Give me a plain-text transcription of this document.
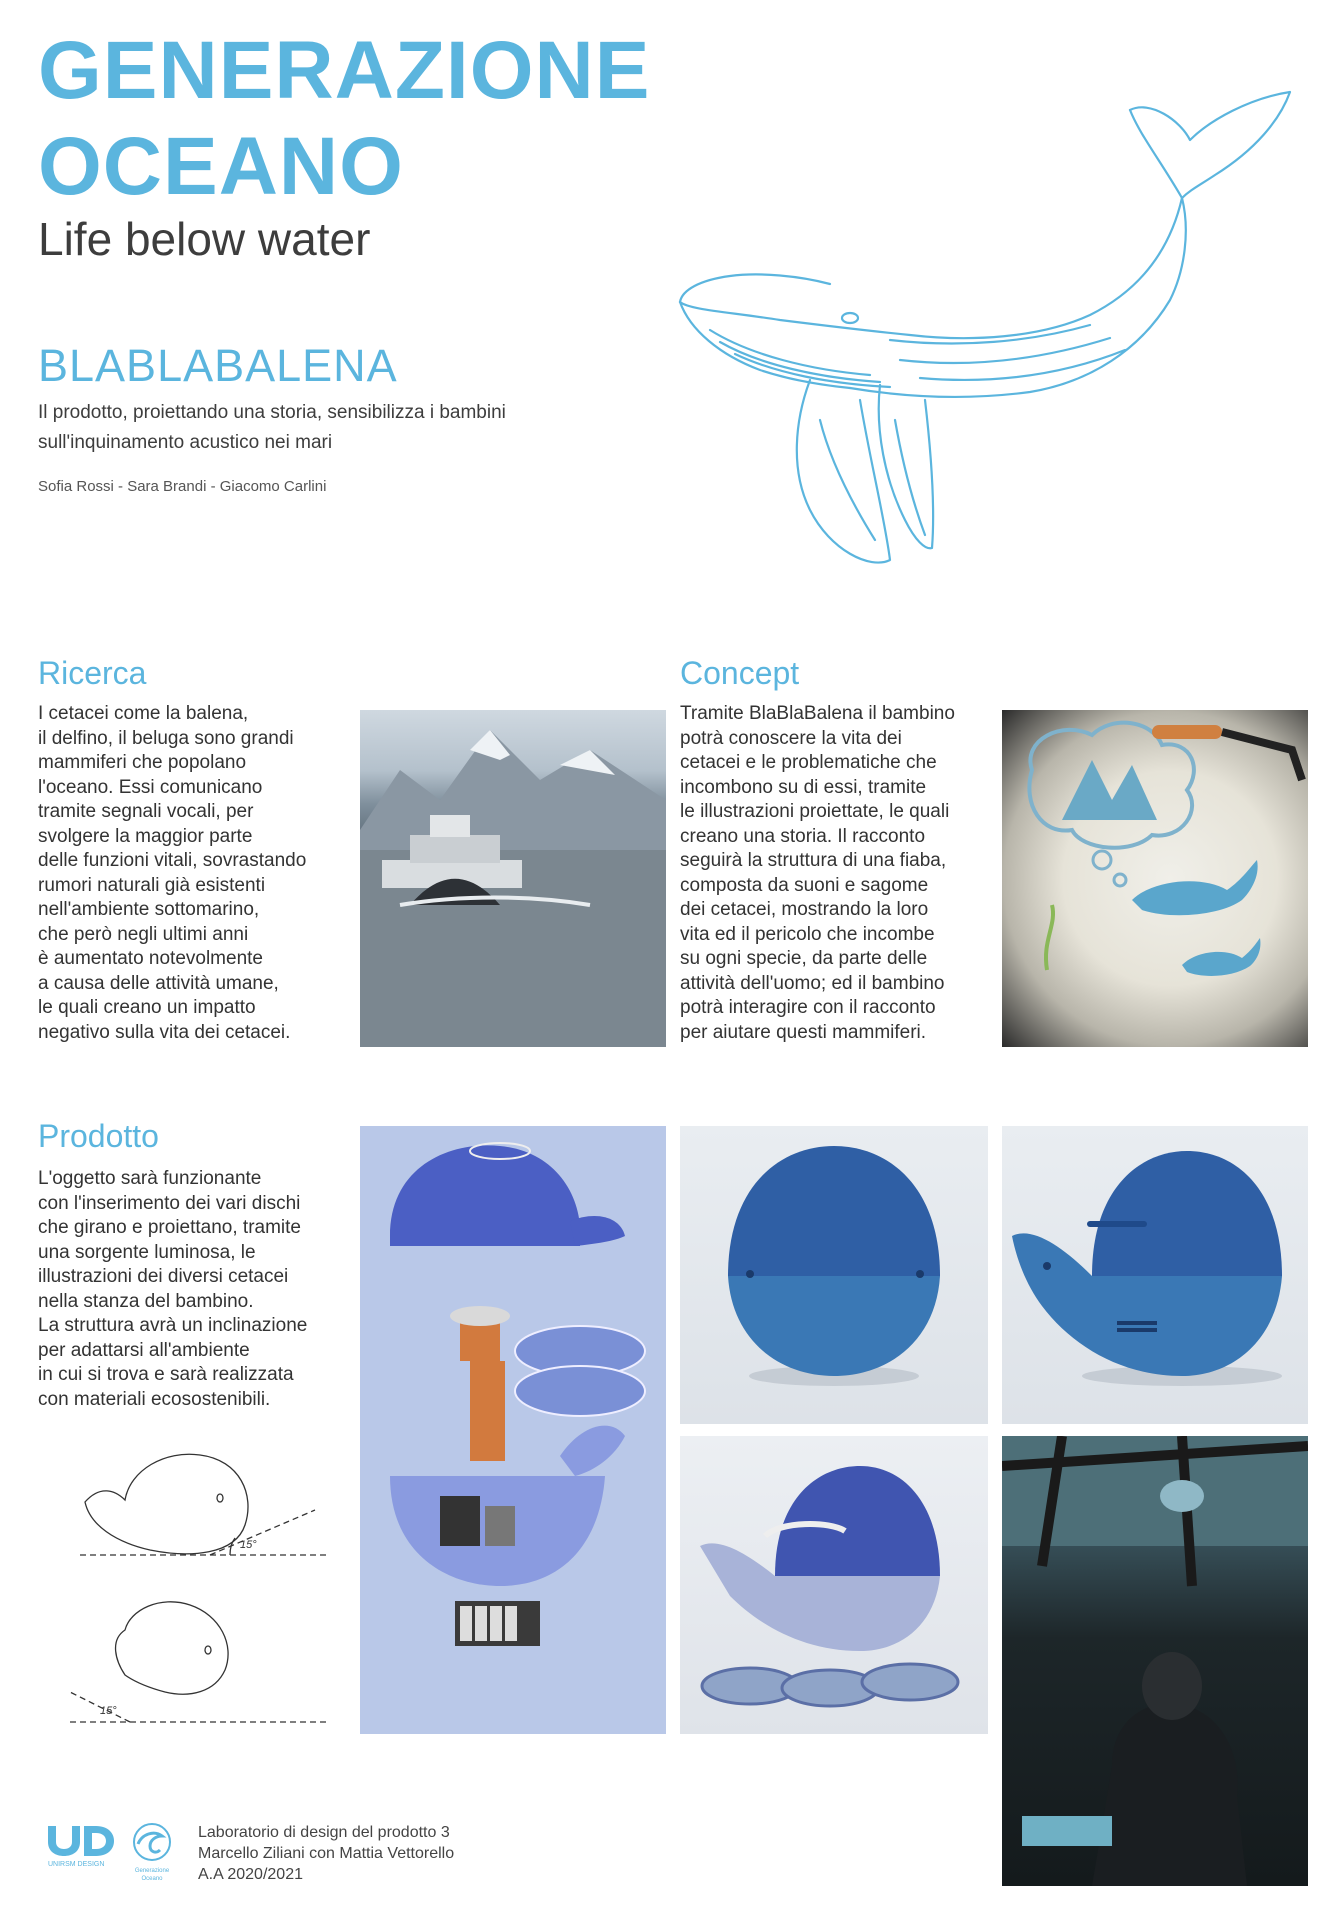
GENERAZIONE
OCEANO
Life below water
BLABLABALENA
Il prodotto, proiettando una storia, sensibilizza i bambini sull'inquinamento acustico nei mari
Sofia Rossi - Sara Brandi - Giacomo Carlini
Ricerca
I cetacei come la balena,
il delfino, il beluga sono grandi
mammiferi che popolano
l'oceano. Essi comunicano
tramite segnali vocali, per
svolgere la maggior parte
delle funzioni vitali, sovrastando
rumori naturali già esistenti
nell'ambiente sottomarino,
che però negli ultimi anni
è aumentato notevolmente
a causa delle attività umane,
le quali creano un impatto
negativo sulla vita dei cetacei.
Concept
Tramite BlaBlaBalena il bambino
potrà conoscere la vita dei
cetacei e le problematiche che
incombono su di essi, tramite
le illustrazioni proiettate, le quali
creano una storia. Il racconto
seguirà la struttura di una fiaba,
composta da suoni e sagome
dei cetacei, mostrando la loro
vita ed il pericolo che incombe
su ogni specie, da parte delle
attività dell'uomo; ed il bambino
potrà interagire con il racconto
per aiutare questi mammiferi.
Prodotto
L'oggetto sarà funzionante
con l'inserimento dei vari dischi
che girano e proiettano, tramite
una sorgente luminosa, le
illustrazioni dei diversi cetacei
nella stanza del bambino.
La struttura avrà un inclinazione
per adattarsi all'ambiente
in cui si trova e sarà realizzata
con materiali ecosostenibili.
15°
15°
UNIRSM DESIGN
Generazione
Oceano
Laboratorio di design del prodotto 3
Marcello Ziliani con Mattia Vettorello
A.A 2020/2021
